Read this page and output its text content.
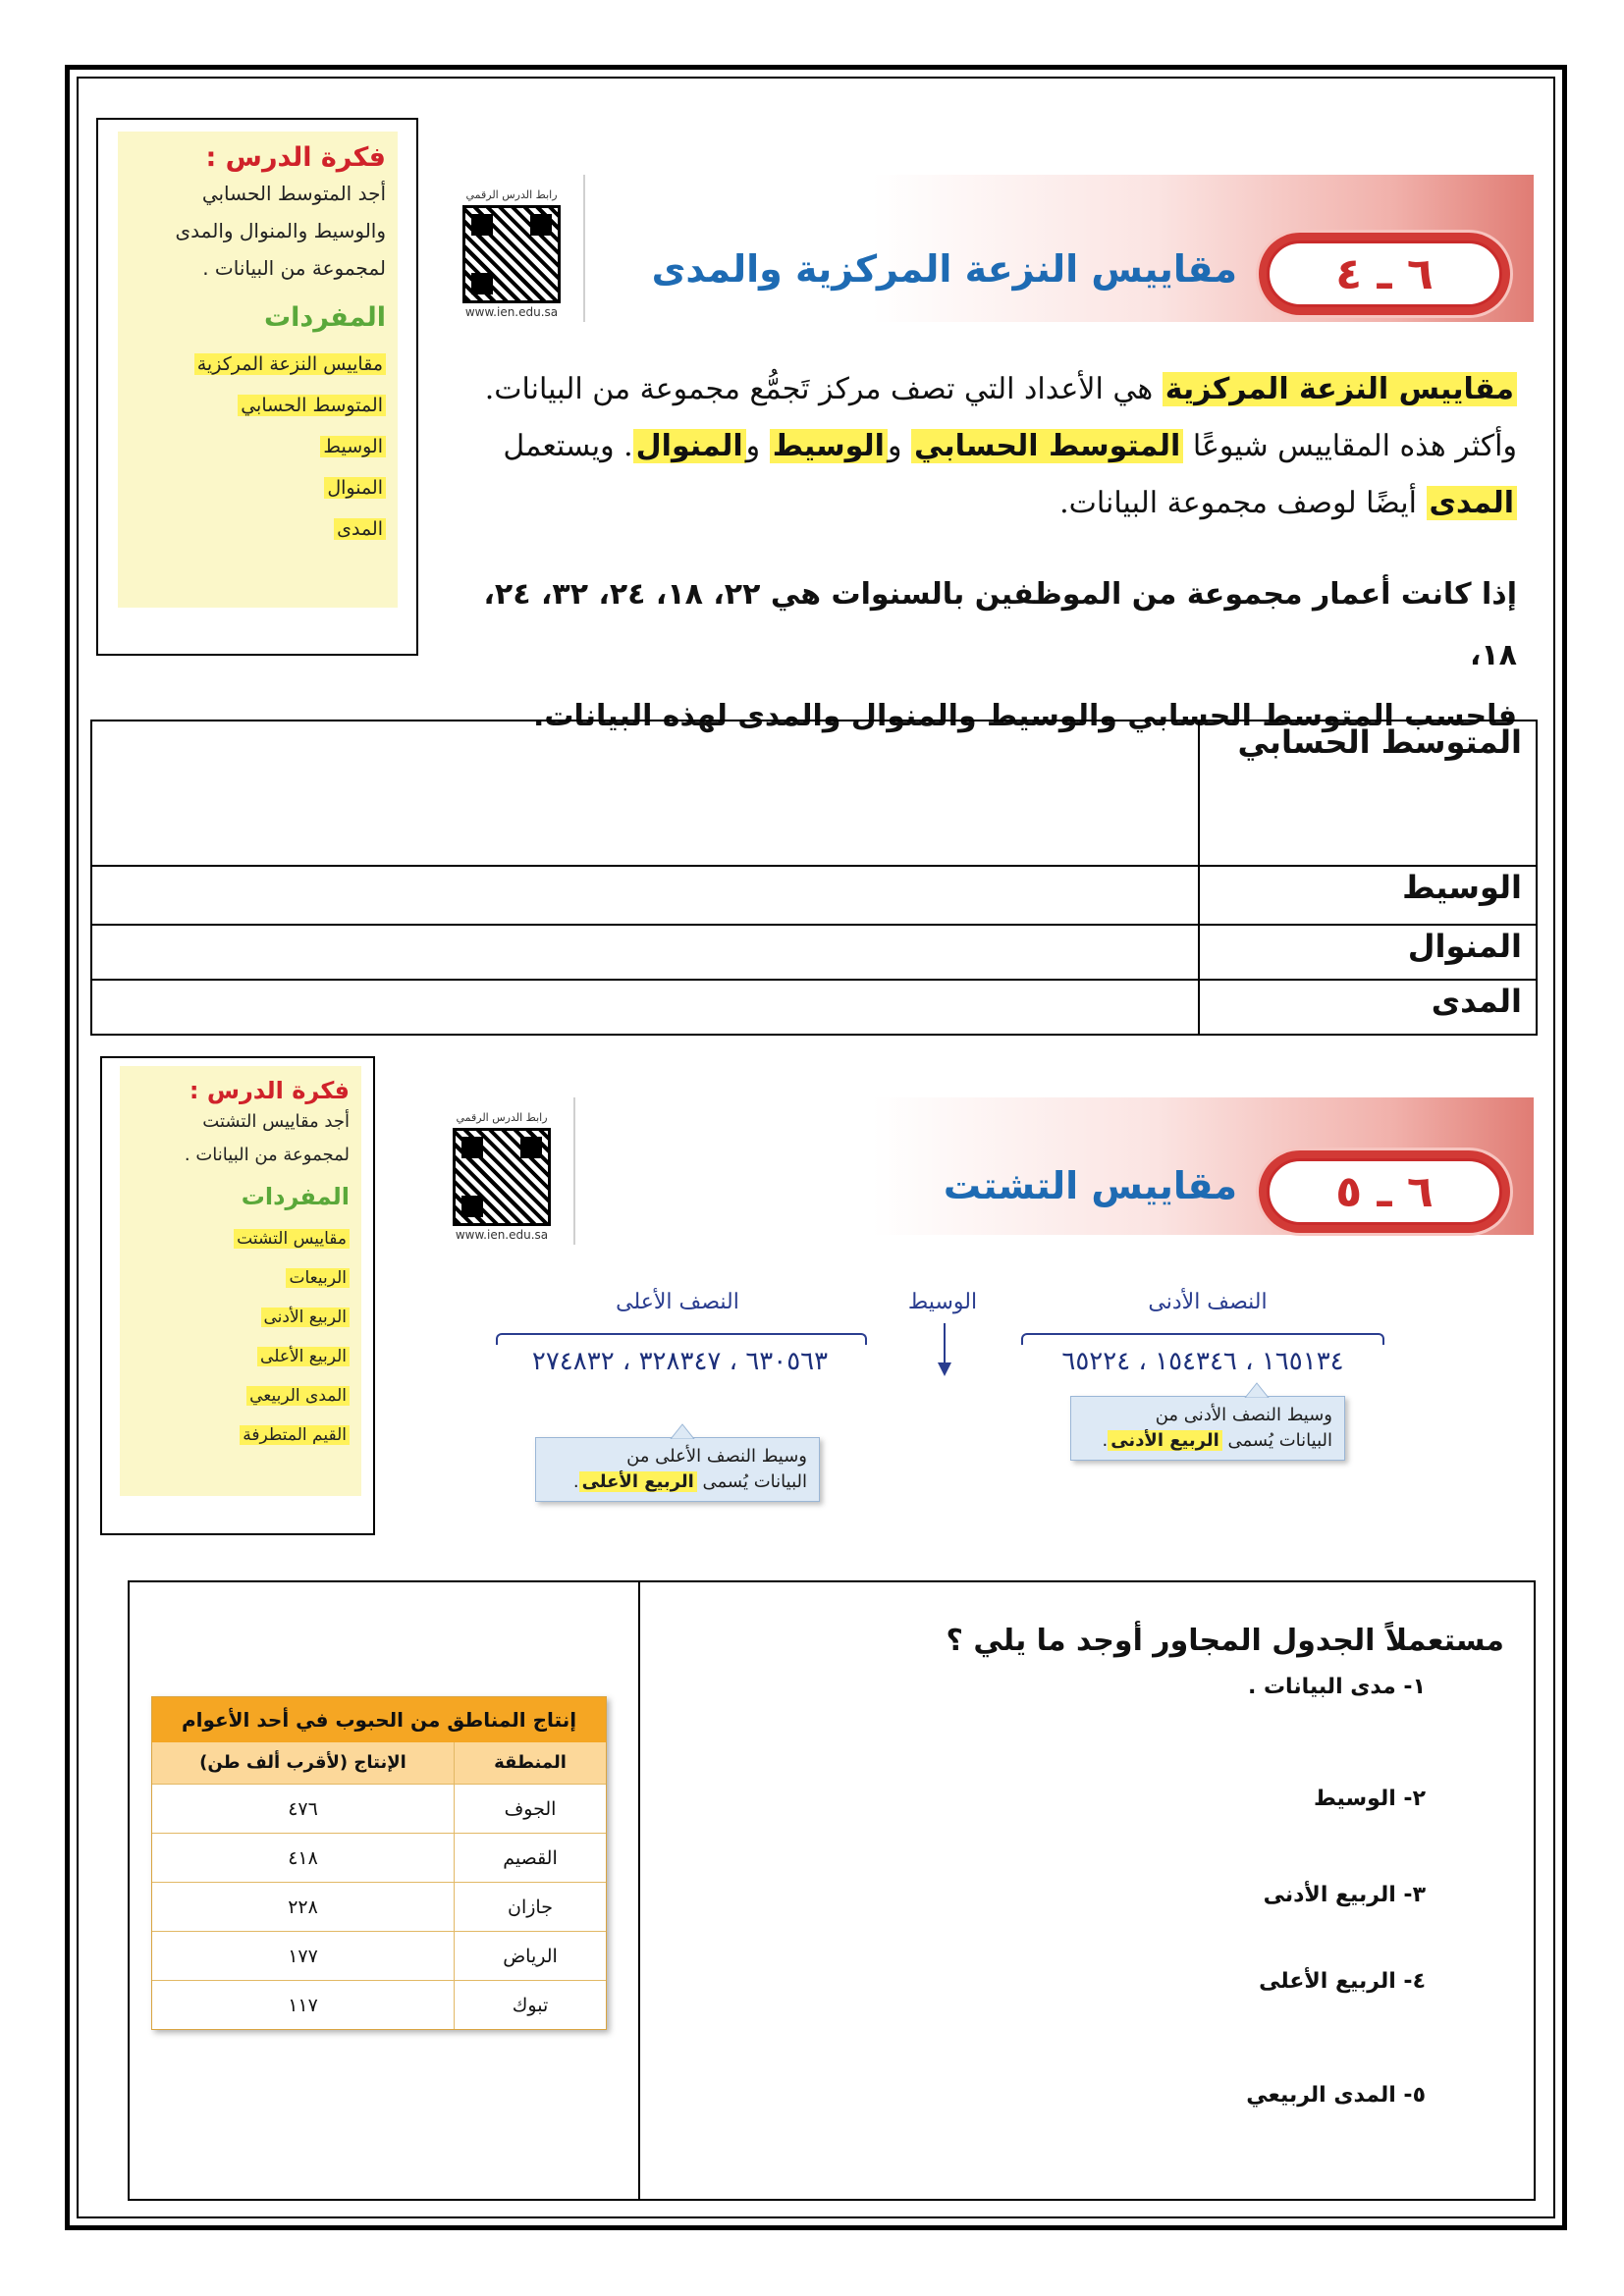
فكرة الدرس :
أجد المتوسط الحسابي
والوسيط والمنوال والمدى
لمجموعة من البيانات .
المفردات
مقاييس النزعة المركزية
المتوسط الحسابي
الوسيط
المنوال
المدى
٦ ـ ٤
مقاييس النزعة المركزية والمدى
رابط الدرس الرقمي
www.ien.edu.sa
مقاييس النزعة المركزية هي الأعداد التي تصف مركز تَجمُّع مجموعة من البيانات. وأكثر هذه المقاييس شيوعًا المتوسط الحسابي والوسيط والمنوال. ويستعمل المدى أيضًا لوصف مجموعة البيانات.
إذا كانت أعمار مجموعة من الموظفين بالسنوات هي ٢٢، ١٨، ٢٤، ٣٢، ٢٤، ١٨،
فاحسب المتوسط الحسابي والوسيط والمنوال والمدى لهذه البيانات.
المتوسط الحسابي	
الوسيط	
المنوال	
المدى	
فكرة الدرس :
أجد مقاييس التشتت
لمجموعة من البيانات .
المفردات
مقاييس التشتت
الربيعات
الربيع الأدنى
الربيع الأعلى
المدى الربيعي
القيم المتطرفة
٦ ـ ٥
مقاييس التشتت
رابط الدرس الرقمي
www.ien.edu.sa
النصف الأدنى
الوسيط
النصف الأعلى
١٦٥١٣٤ ، ١٥٤٣٤٦ ، ٦٥٢٢٤
٦٣٠٥٦٣ ، ٣٢٨٣٤٧ ، ٢٧٤٨٣٢
وسيط النصف الأدنى من
البيانات يُسمى الربيع الأدنى.
وسيط النصف الأعلى من
البيانات يُسمى الربيع الأعلى.
مستعملاً الجدول المجاور أوجد ما يلي ؟
١- مدى البيانات .
٢- الوسيط
٣- الربيع الأدنى
٤- الربيع الأعلى
٥- المدى الربيعي
إنتاج المناطق من الحبوب في أحد الأعوام
المنطقة
الإنتاج (لأقرب ألف طن)
الجوف
٤٧٦
القصيم
٤١٨
جازان
٢٢٨
الرياض
١٧٧
تبوك
١١٧
